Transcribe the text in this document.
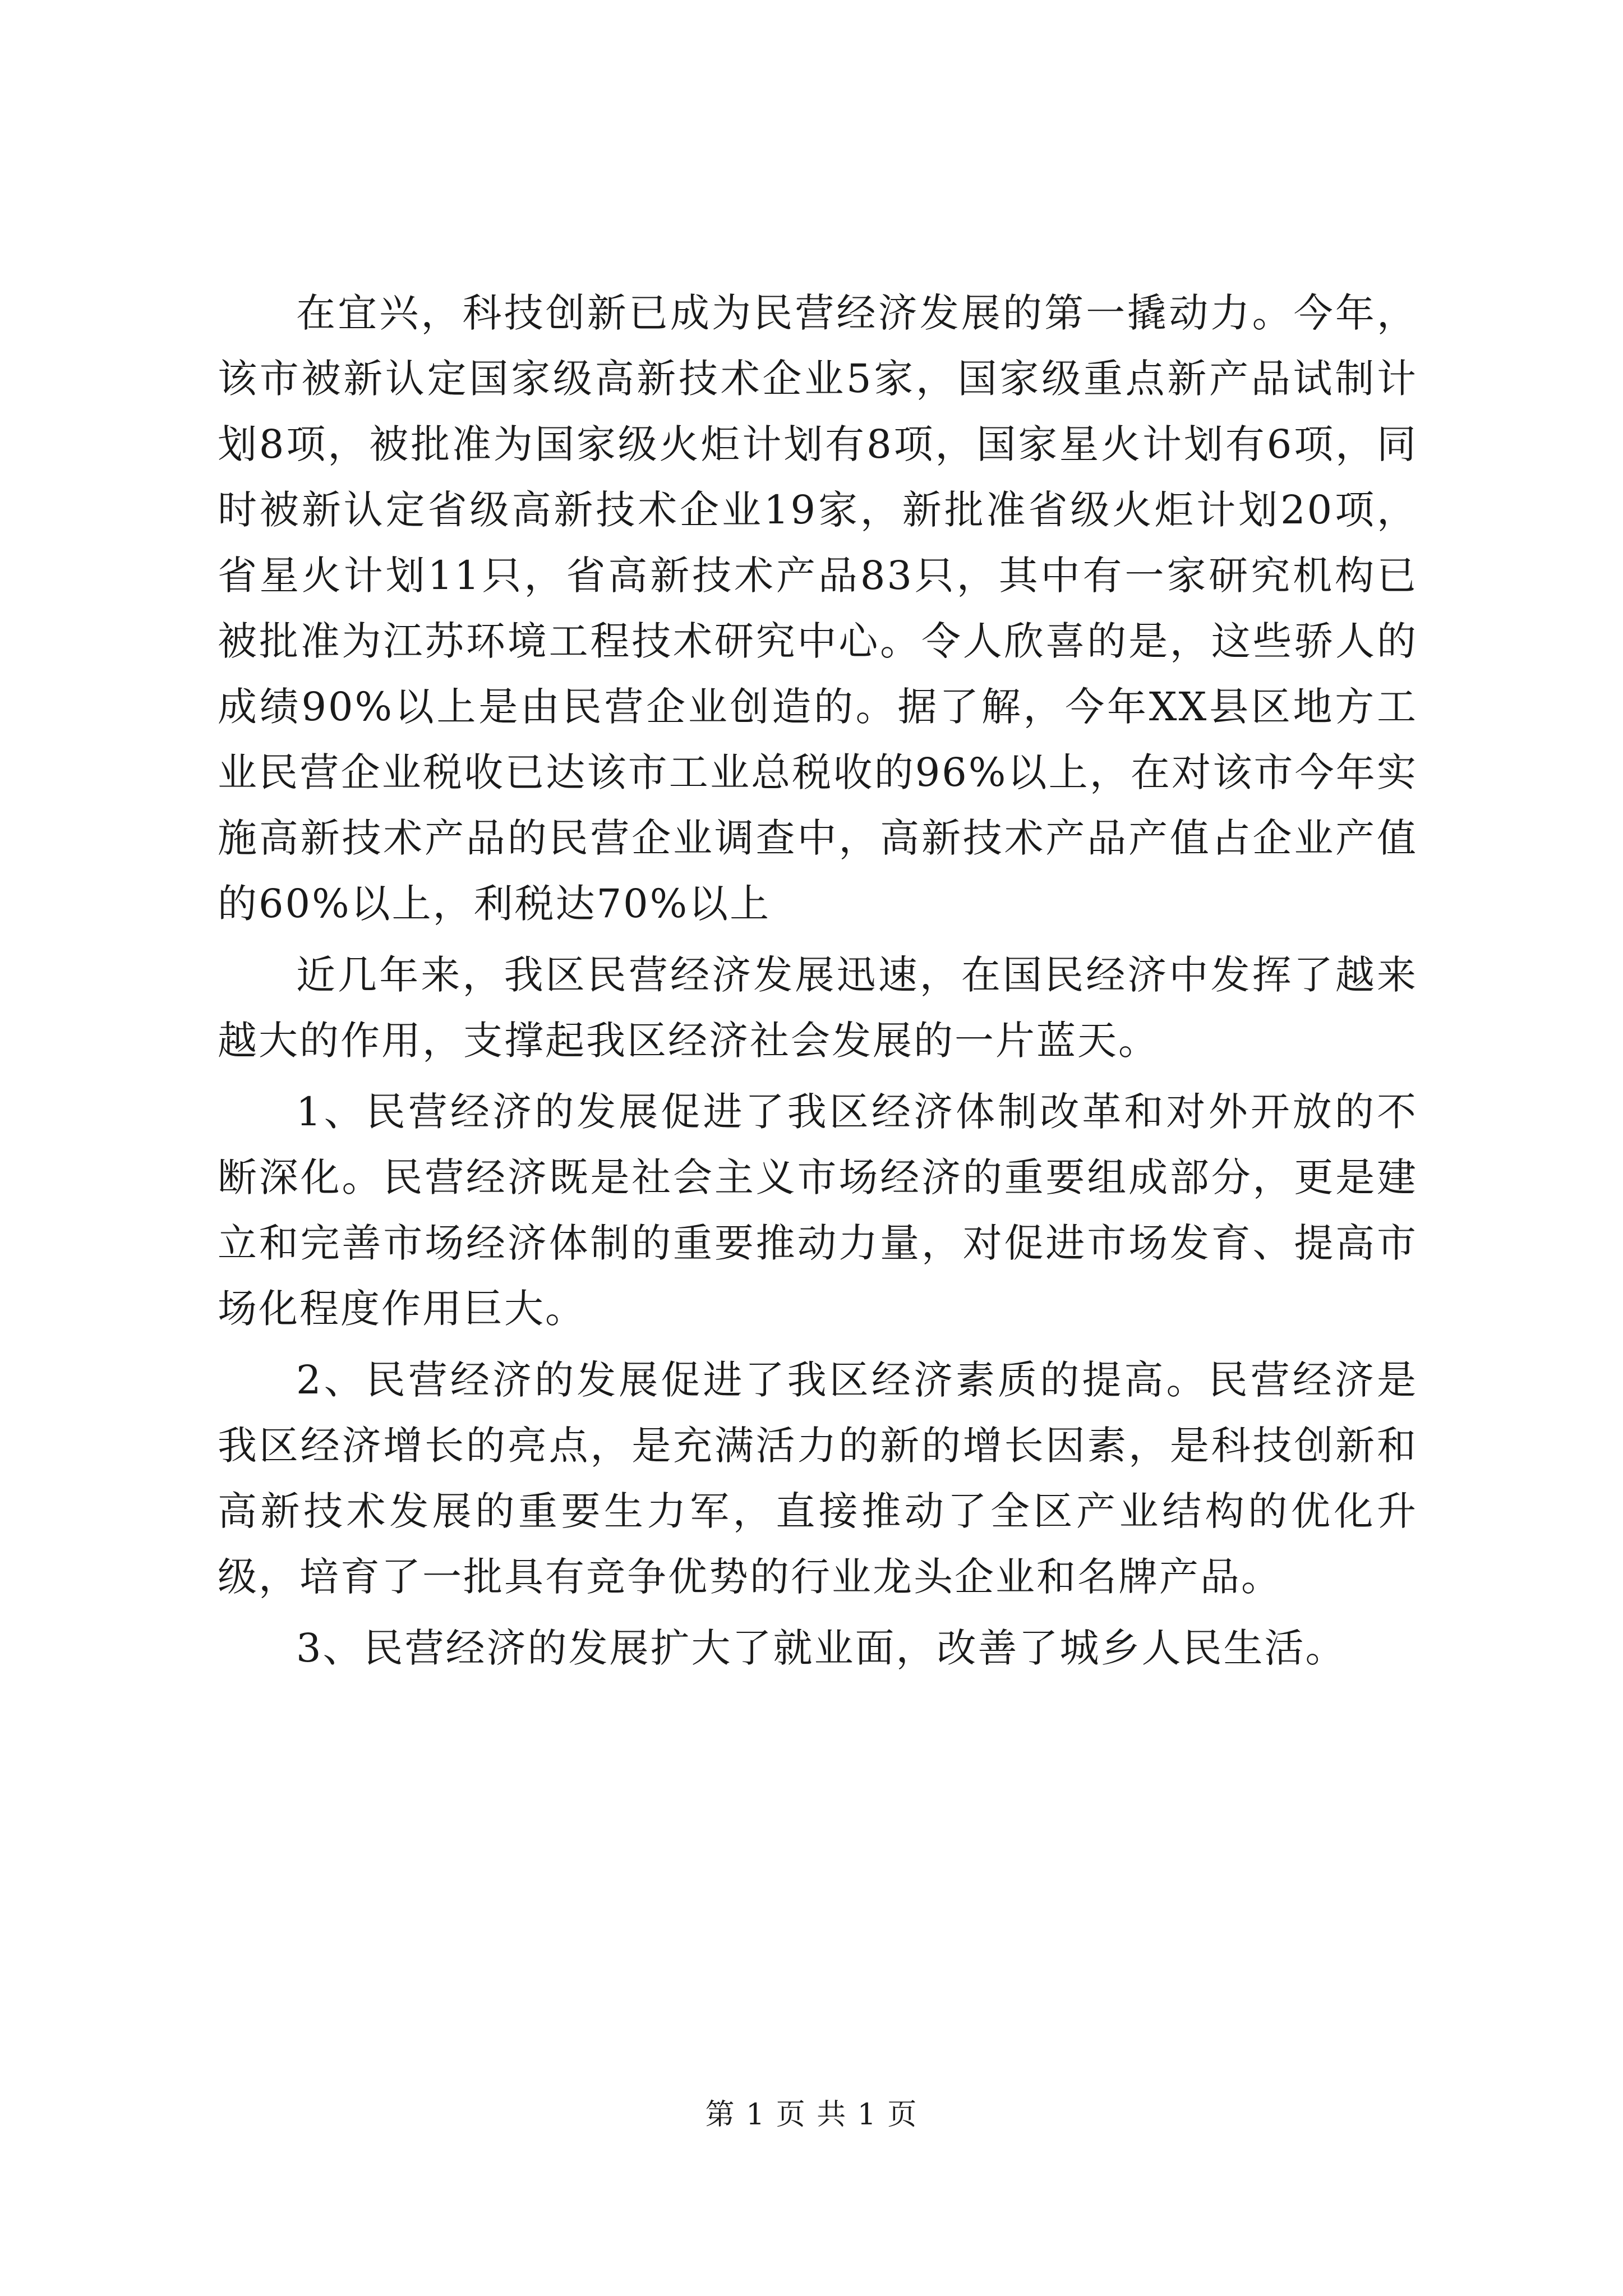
在宜兴，科技创新已成为民营经济发展的第一撬动力。今年，该市被新认定国家级高新技术企业5家，国家级重点新产品试制计划8项，被批准为国家级火炬计划有8项，国家星火计划有6项，同时被新认定省级高新技术企业19家，新批准省级火炬计划20项，省星火计划11只，省高新技术产品83只，其中有一家研究机构已被批准为江苏环境工程技术研究中心。令人欣喜的是，这些骄人的成绩90%以上是由民营企业创造的。据了解，今年XX县区地方工业民营企业税收已达该市工业总税收的96%以上，在对该市今年实施高新技术产品的民营企业调查中，高新技术产品产值占企业产值的60%以上，利税达70%以上

近几年来，我区民营经济发展迅速，在国民经济中发挥了越来越大的作用，支撑起我区经济社会发展的一片蓝天。

1、民营经济的发展促进了我区经济体制改革和对外开放的不断深化。民营经济既是社会主义市场经济的重要组成部分，更是建立和完善市场经济体制的重要推动力量，对促进市场发育、提高市场化程度作用巨大。

2、民营经济的发展促进了我区经济素质的提高。民营经济是我区经济增长的亮点，是充满活力的新的增长因素，是科技创新和高新技术发展的重要生力军，直接推动了全区产业结构的优化升级，培育了一批具有竞争优势的行业龙头企业和名牌产品。

3、民营经济的发展扩大了就业面，改善了城乡人民生活。

第 1 页 共 1 页
